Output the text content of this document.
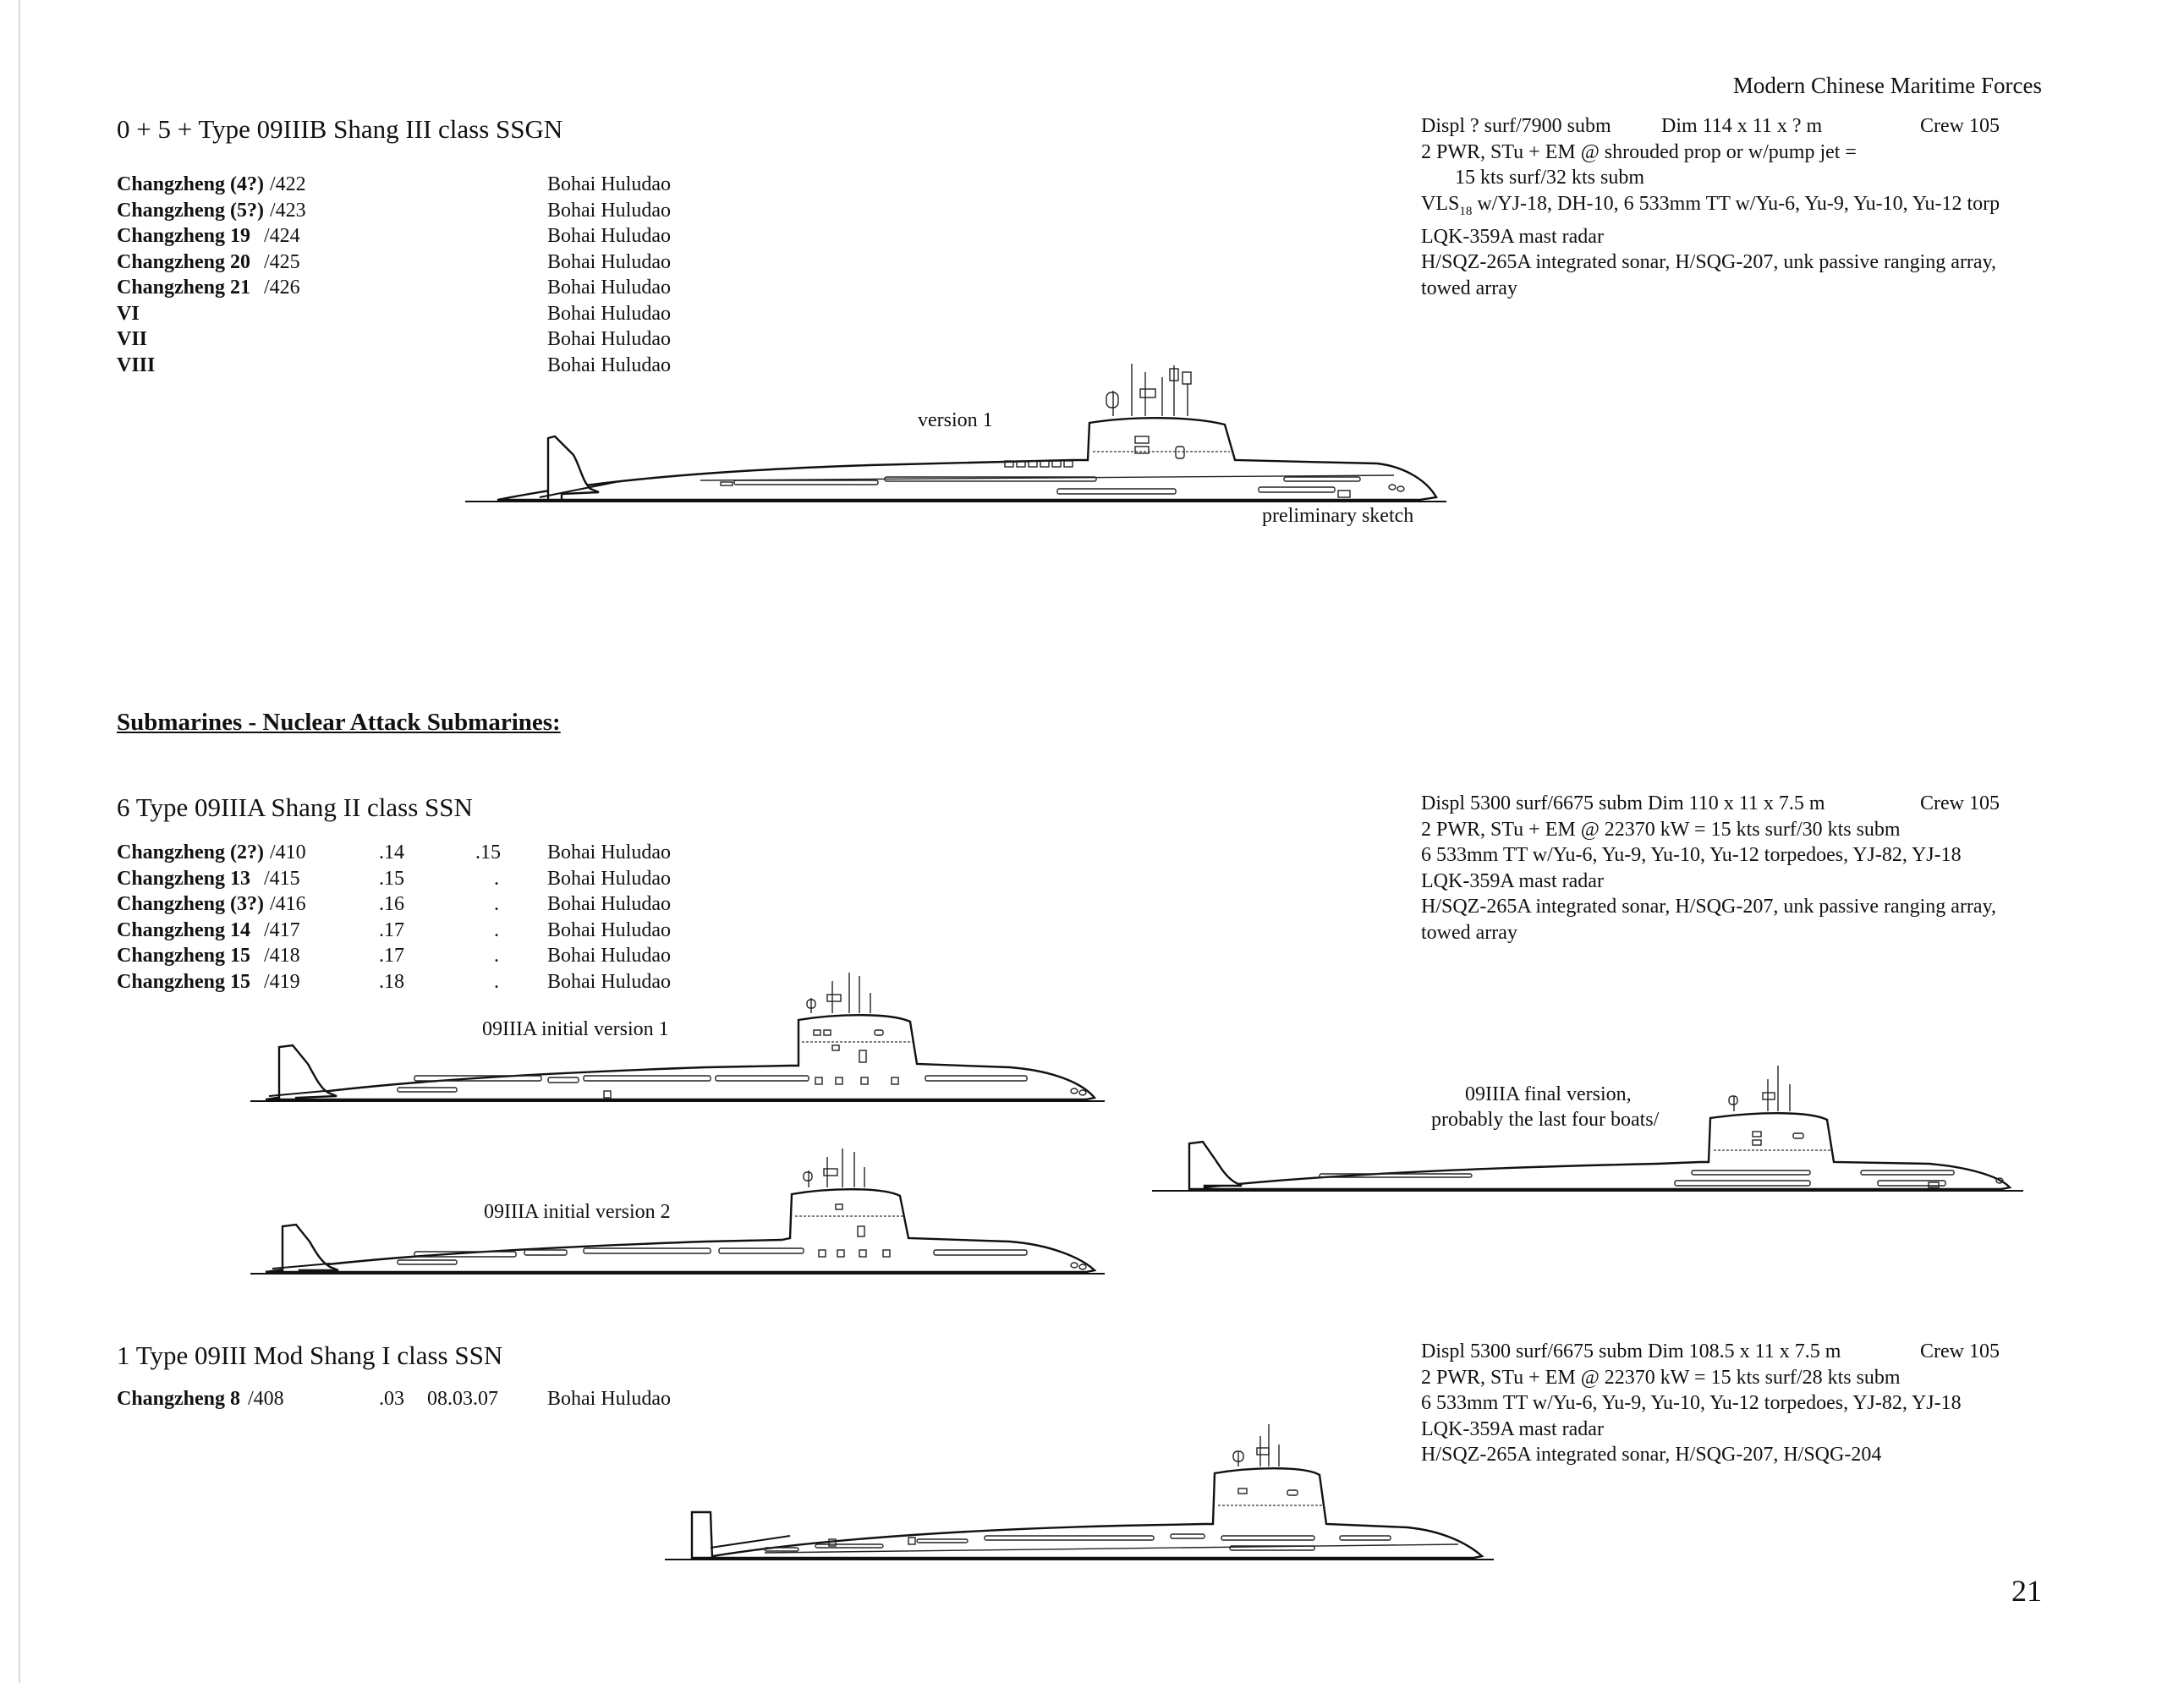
Modern Chinese Maritime Forces
0 + 5 + Type 09IIIB Shang III class SSGN
Changzheng (4?) /422	Bohai Huludao
Changzheng (5?) /423	Bohai Huludao
Changzheng 19 /424	Bohai Huludao
Changzheng 20 /425	Bohai Huludao
Changzheng 21 /426	Bohai Huludao
VI	Bohai Huludao
VII	Bohai Huludao
VIII	Bohai Huludao
Displ ? surf/7900 subm Dim 114 x 11 x ? m	Crew 105
2 PWR, STu + EM @ shrouded prop or w/pump jet =
15 kts surf/32 kts subm
$VLS_{18}$ w/YJ-18, DH-10, 6 533mm TT w/Yu-6, Yu-9, Yu-10, Yu-12 torp
LQK-359A mast radar
H/SQZ-265A integrated sonar, H/SQG-207, unk passive ranging array,
towed array
version 1
preliminary sketch
Submarines - Nuclear Attack Submarines:
6 Type 09IIIA Shang II class SSN
Changzheng (2?) /410	.14	.15 Bohai Huludao
Changzheng 13 /415	.15	. Bohai Huludao
Changzheng (3?) /416	.16	. Bohai Huludao
Changzheng 14 /417	.17	. Bohai Huludao
Changzheng 15 /418	.17	. Bohai Huludao
Changzheng 15 /419	.18	. Bohai Huludao
Displ 5300 surf/6675 subm Dim 110 x 11 x 7.5 m	Crew 105
2 PWR, STu + EM @ 22370 kW = 15 kts surf/30 kts subm
6 533mm TT w/Yu-6, Yu-9, Yu-10, Yu-12 torpedoes, YJ-82, YJ-18
LQK-359A mast radar
H/SQZ-265A integrated sonar, H/SQG-207, unk passive ranging array,
towed array
09IIIA initial version 1
09IIIA initial version 2
09IIIA final version,
probably the last four boats/
1 Type 09III Mod Shang I class SSN
Changzheng 8 /408	.03 08.03.07 Bohai Huludao
Displ 5300 surf/6675 subm Dim 108.5 x 11 x 7.5 m	Crew 105
2 PWR, STu + EM @ 22370 kW = 15 kts surf/28 kts subm
6 533mm TT w/Yu-6, Yu-9, Yu-10, Yu-12 torpedoes, YJ-82, YJ-18
LQK-359A mast radar
H/SQZ-265A integrated sonar, H/SQG-207, H/SQG-204
21
